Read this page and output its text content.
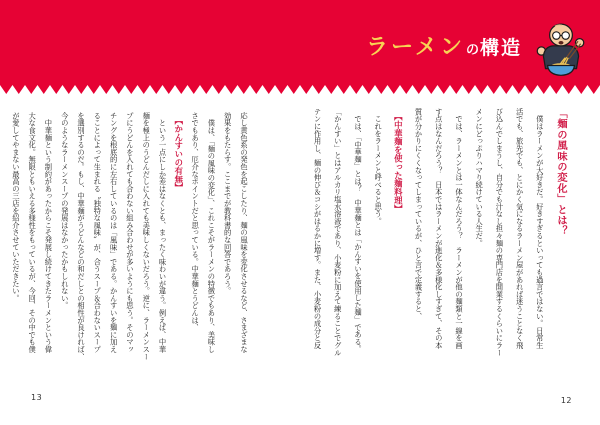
ラーメン の 構造

「麺の風味の変化」とは？

　僕はラーメンが大好きだ。好きすぎるといっても過言ではない。日常生

活でも、旅先でも、とにかく気になるラーメン屋があれば迷うことなく飛

び込んでしまうし、自分でも汁なし担々麺の専門店を開業するくらいにラー

メンにどっぷりハマり続けている人生だ。

　では、ラーメンとは一体なんだろう？　ラーメンが他の麺類と一線を画

す点はなんだろう？　日本ではラーメンが進化＆多様化しすぎて、その本

質が分かりにくくなってしまっているが、ひと言で定義すると、

　【中華麺を使った麺料理】

　これをラーメンと呼べると思う。

　では、「中華麺」とは？　中華麺とは「かんすいを使用した麺」である。

「かんすい」とはアルカリ塩水溶液であり、小麦粉に加えて練ることでグル

テンに作用し、麺の伸び＆コシがはるかに増す。また、小麦粉の成分と反

応し黄色系の発色を起こしたり、麺の風味を変化させるなど、さまざまな

効果をもたらす。ここまでが教科書的な回答であろう。

　僕は、「麺の風味の変化」、これこそがラーメンの特徴でもあり、美味し

さでもあり、厄介なポイントだと思っている。中華麺とうどんは、

　【かんすいの有無】

　という一点にしか差はなくとも、まったく味わいが違う。例えば、中華

麺を極上のうどんだしに入れても美味しくないだろう。逆に、ラーメンスー

プにうどんを入れても合わない組み合わせが多いようにも思う。そのマッ

チングを根底的に左右しているのは「風味」である。かんすいを麺に加え

ることによって生まれる〝独特な風味〞が、合うスープ＆合わないスープ

を選別するのだ。もし、中華麺がうどんなどの和だしとの相性が良ければ、

今のようなラーメンスープの発展はなかったかもしれない。

　中華麺という制約があったからこそ発展し続けてきたラーメンという偉

大な食文化。無限ともいえる多様性をもっているが、今回、その中でも僕

が愛してやまない最高の三店を紹介させていただきたい。

13	12
